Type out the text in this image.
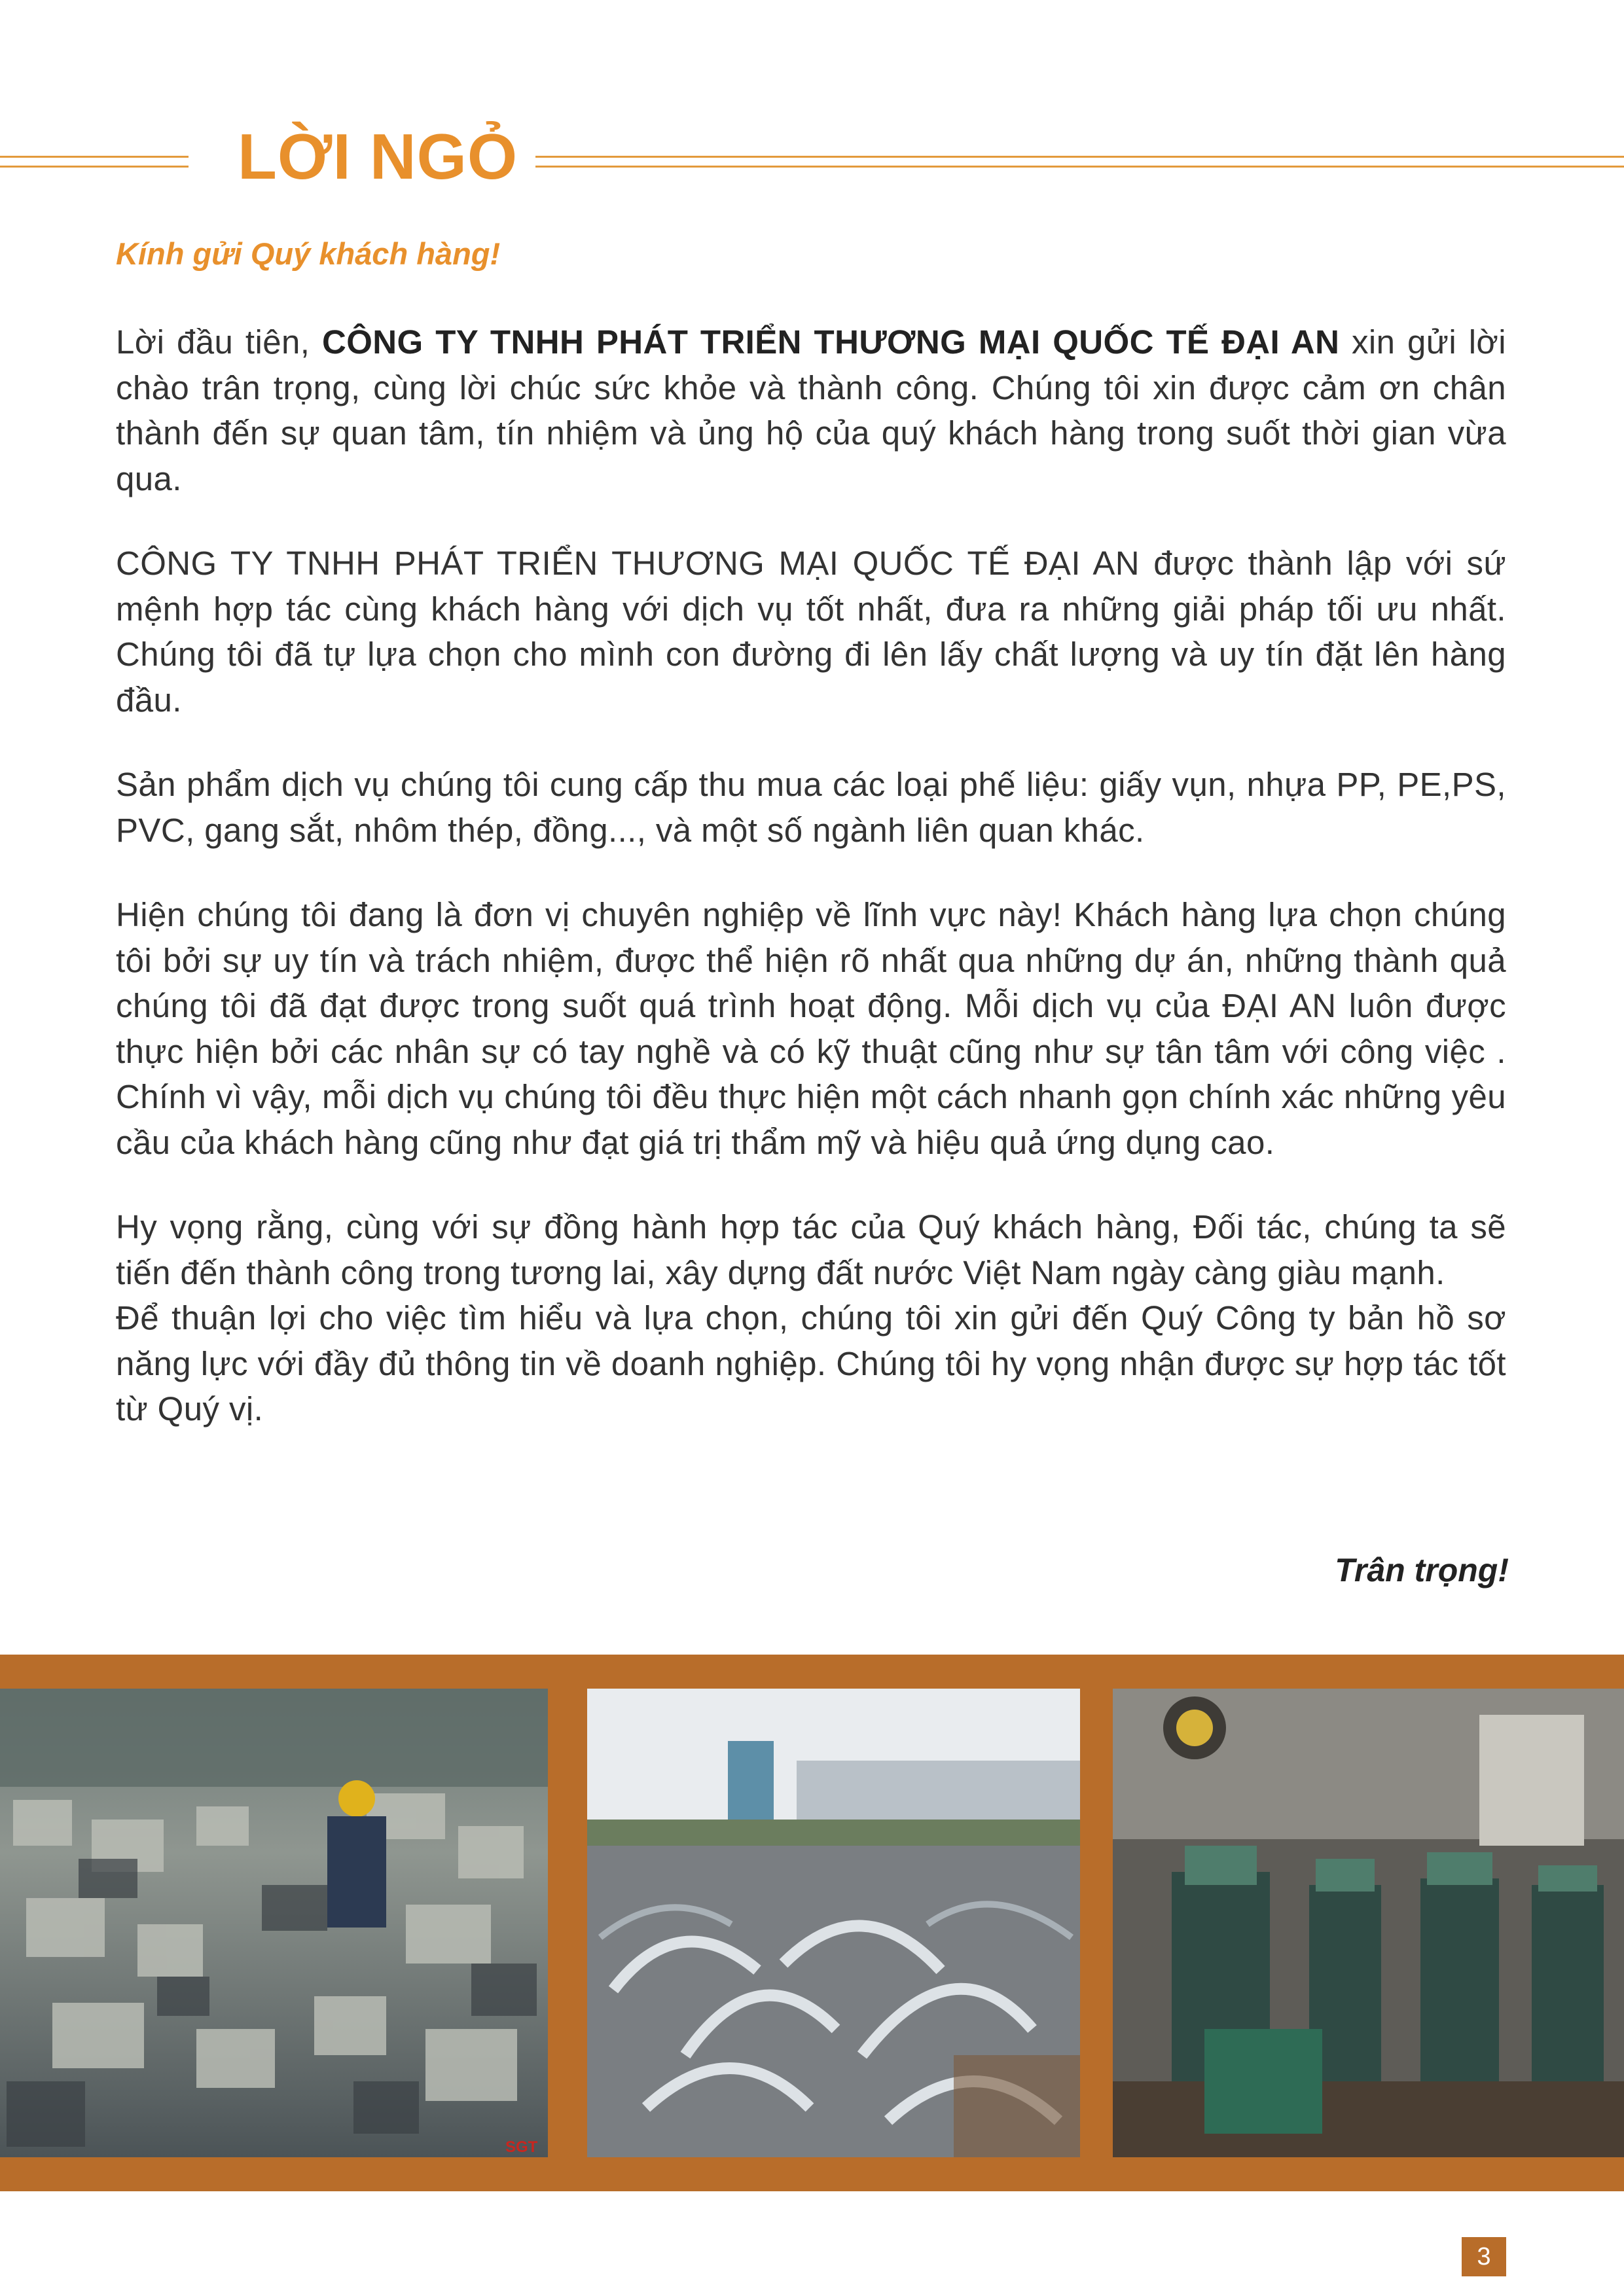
LỜI NGỎ
Kính gửi Quý khách hàng!

Lời đầu tiên, CÔNG TY TNHH PHÁT TRIỂN THƯƠNG MẠI QUỐC TẾ ĐẠI AN xin gửi lời chào trân trọng, cùng lời chúc sức khỏe và thành công. Chúng tôi xin được cảm ơn chân thành đến sự quan tâm, tín nhiệm và ủng hộ của quý khách hàng trong suốt thời gian vừa qua.

CÔNG TY TNHH PHÁT TRIỂN THƯƠNG MẠI QUỐC TẾ ĐẠI AN được thành lập với sứ mệnh hợp tác cùng khách hàng với dịch vụ tốt nhất, đưa ra những giải pháp tối ưu nhất. Chúng tôi đã tự lựa chọn cho mình con đường đi lên lấy chất lượng và uy tín đặt lên hàng đầu.

Sản phẩm dịch vụ chúng tôi cung cấp thu mua các loại phế liệu: giấy vụn, nhựa PP, PE,PS, PVC, gang sắt, nhôm thép, đồng..., và một số ngành liên quan khác.

Hiện chúng tôi đang là đơn vị chuyên nghiệp về lĩnh vực này! Khách hàng lựa chọn chúng tôi bởi sự uy tín và trách nhiệm, được thể hiện rõ nhất qua những dự án, những thành quả chúng tôi đã đạt được trong suốt quá trình hoạt động. Mỗi dịch vụ của ĐẠI AN luôn được thực hiện bởi các nhân sự có tay nghề và có kỹ thuật cũng như sự tân tâm với công việc . Chính vì vậy, mỗi dịch vụ chúng tôi đều thực hiện một cách nhanh gọn chính xác những yêu cầu của khách hàng cũng như đạt giá trị thẩm mỹ và hiệu quả ứng dụng cao.

Hy vọng rằng, cùng với sự đồng hành hợp tác của Quý khách hàng, Đối tác, chúng ta sẽ tiến đến thành công trong tương lai, xây dựng đất nước Việt Nam ngày càng giàu mạnh.

Để thuận lợi cho việc tìm hiểu và lựa chọn, chúng tôi xin gửi đến Quý Công ty bản hồ sơ năng lực với đầy đủ thông tin về doanh nghiệp. Chúng tôi hy vọng nhận được sự hợp tác tốt từ Quý vị.

Trân trọng!
SGT
3
